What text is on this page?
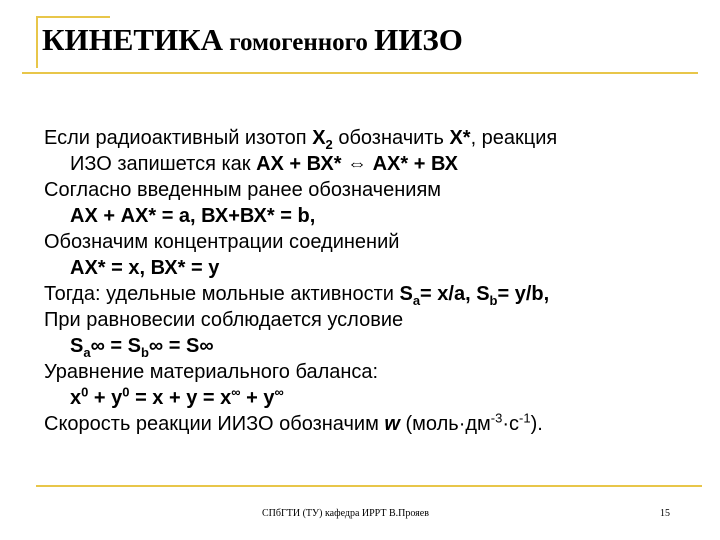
КИНЕТИКА гомогенного ИИЗО
Если радиоактивный изотоп $Х_2$ обозначить Х*, реакция
ИЗО запишется как АХ + ВХ* ⇔ АХ* + ВХ
Согласно введенным ранее обозначениям
АХ + АХ* = а, ВХ+ВХ* = b,
Обозначим концентрации соединений
АХ* = х, ВХ* = у
Тогда: удельные мольные активности $S_a= х/а$, $S_b= у/b$,
При равновесии соблюдается условие
$S_a\infty = S_b\infty = S\infty$
Уравнение материального баланса:
$х^0 + у^0 = х + у = х^\infty + у^\infty$
Скорость реакции ИИЗО обозначим w $(моль\cdot дм^{-3}\cdot с^{-1})$.
СПбГТИ (ТУ) кафедра ИРРТ В.Прояев	15
